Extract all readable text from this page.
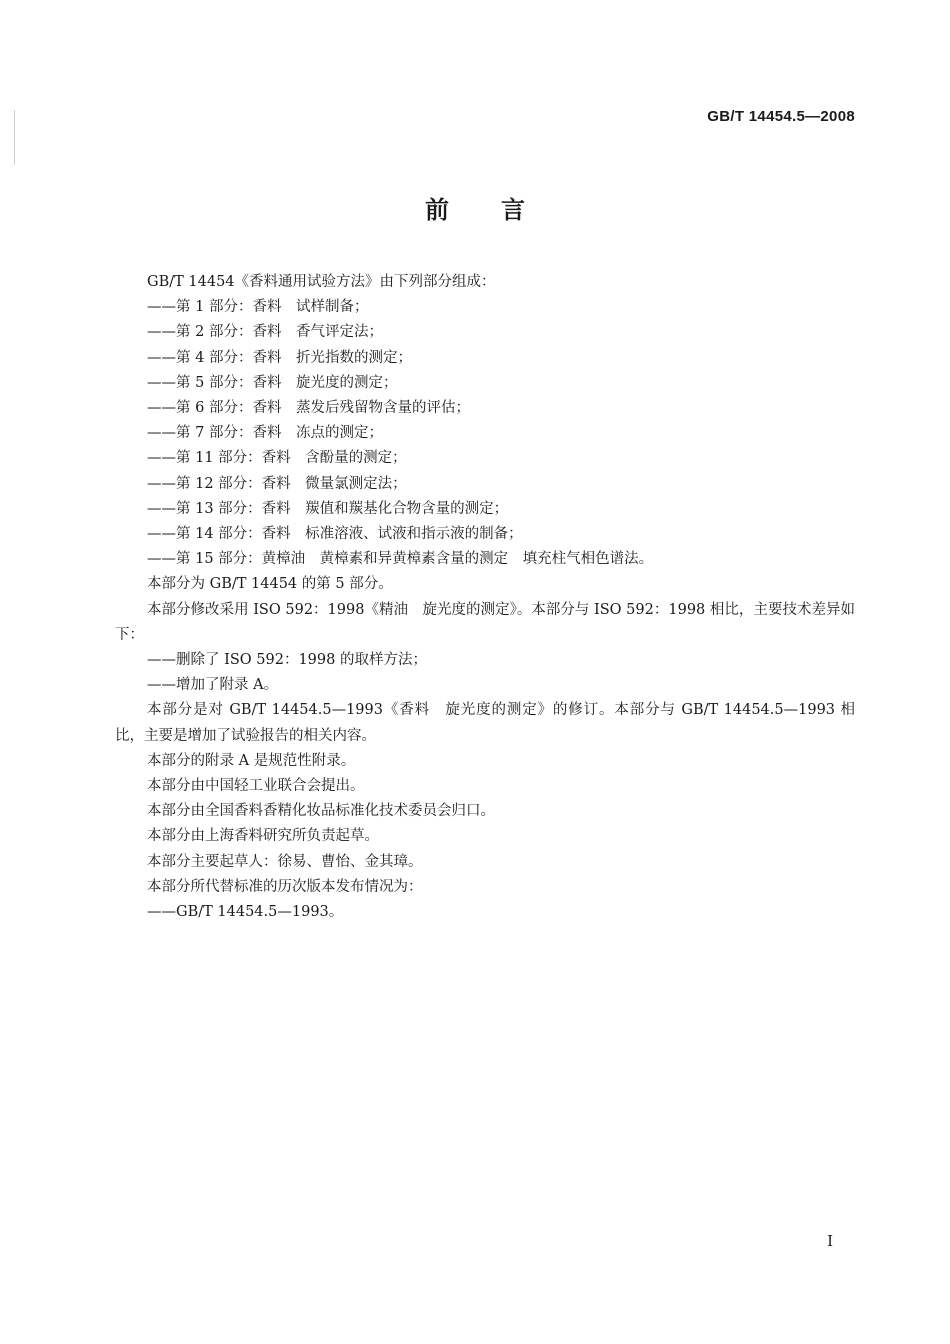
GB/T 14454.5—2008
前言

GB/T 14454《香料通用试验方法》由下列部分组成：

——第 1 部分：香料　试样制备；

——第 2 部分：香料　香气评定法；

——第 4 部分：香料　折光指数的测定；

——第 5 部分：香料　旋光度的测定；

——第 6 部分：香料　蒸发后残留物含量的评估；

——第 7 部分：香料　冻点的测定；

——第 11 部分：香料　含酚量的测定；

——第 12 部分：香料　微量氯测定法；

——第 13 部分：香料　羰值和羰基化合物含量的测定；

——第 14 部分：香料　标准溶液、试液和指示液的制备；

——第 15 部分：黄樟油　黄樟素和异黄樟素含量的测定　填充柱气相色谱法。

本部分为 GB/T 14454 的第 5 部分。

本部分修改采用 ISO 592：1998《精油　旋光度的测定》。本部分与 ISO 592：1998 相比，主要技术差异如下：

——删除了 ISO 592：1998 的取样方法；

——增加了附录 A。

本部分是对 GB/T 14454.5—1993《香料　旋光度的测定》的修订。本部分与 GB/T 14454.5—1993 相比，主要是增加了试验报告的相关内容。

本部分的附录 A 是规范性附录。

本部分由中国轻工业联合会提出。

本部分由全国香料香精化妆品标准化技术委员会归口。

本部分由上海香料研究所负责起草。

本部分主要起草人：徐易、曹怡、金其璋。

本部分所代替标准的历次版本发布情况为：

——GB/T 14454.5—1993。

I
